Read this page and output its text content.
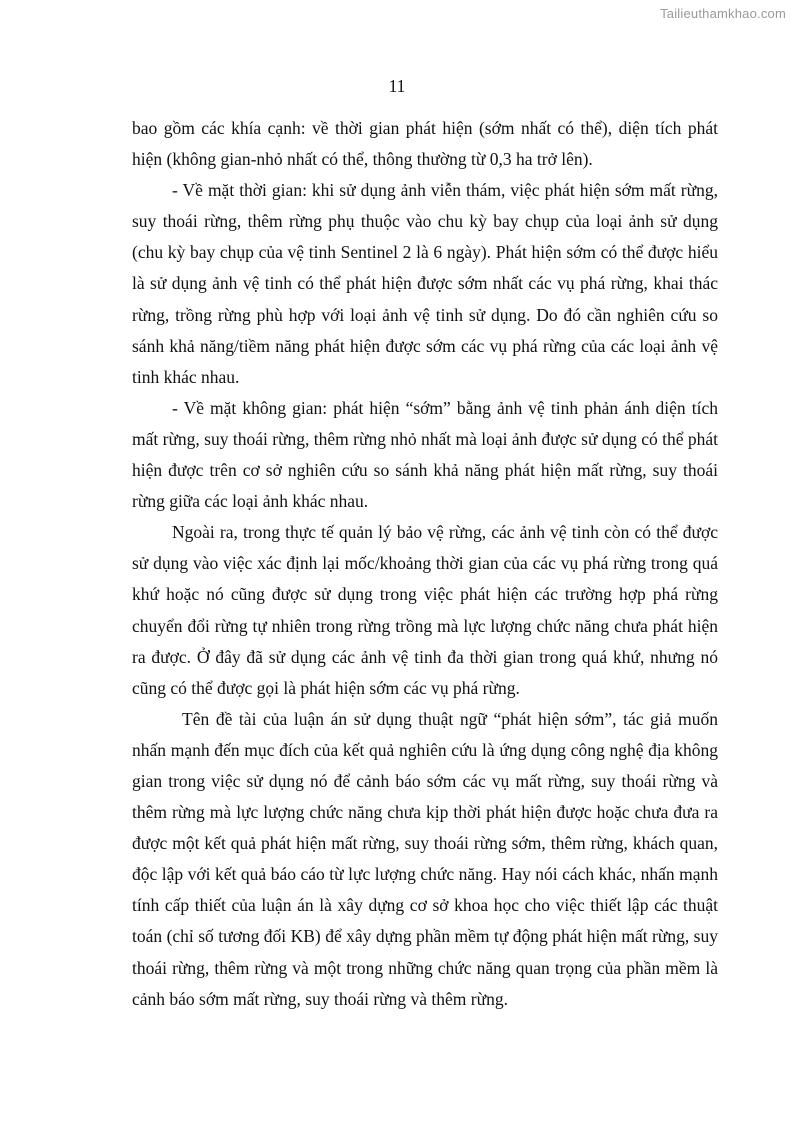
Tailieuthamkhao.com
11

bao gồm các khía cạnh: về thời gian phát hiện (sớm nhất có thể), diện tích phát hiện (không gian-nhỏ nhất có thể, thông thường từ 0,3 ha trở lên).

- Về mặt thời gian: khi sử dụng ảnh viễn thám, việc phát hiện sớm mất rừng, suy thoái rừng, thêm rừng phụ thuộc vào chu kỳ bay chụp của loại ảnh sử dụng (chu kỳ bay chụp của vệ tinh Sentinel 2 là 6 ngày). Phát hiện sớm có thể được hiểu là sử dụng ảnh vệ tinh có thể phát hiện được sớm nhất các vụ phá rừng, khai thác rừng, trồng rừng phù hợp với loại ảnh vệ tinh sử dụng. Do đó cần nghiên cứu so sánh khả năng/tiềm năng phát hiện được sớm các vụ phá rừng của các loại ảnh vệ tinh khác nhau.

- Về mặt không gian: phát hiện “sớm” bằng ảnh vệ tinh phản ánh diện tích mất rừng, suy thoái rừng, thêm rừng nhỏ nhất mà loại ảnh được sử dụng có thể phát hiện được trên cơ sở nghiên cứu so sánh khả năng phát hiện mất rừng, suy thoái rừng giữa các loại ảnh khác nhau.

Ngoài ra, trong thực tế quản lý bảo vệ rừng, các ảnh vệ tinh còn có thể được sử dụng vào việc xác định lại mốc/khoảng thời gian của các vụ phá rừng trong quá khứ hoặc nó cũng được sử dụng trong việc phát hiện các trường hợp phá rừng chuyển đổi rừng tự nhiên trong rừng trồng mà lực lượng chức năng chưa phát hiện ra được. Ở đây đã sử dụng các ảnh vệ tinh đa thời gian trong quá khứ, nhưng nó cũng có thể được gọi là phát hiện sớm các vụ phá rừng.

Tên đề tài của luận án sử dụng thuật ngữ “phát hiện sớm”, tác giả muốn nhấn mạnh đến mục đích của kết quả nghiên cứu là ứng dụng công nghệ địa không gian trong việc sử dụng nó để cảnh báo sớm các vụ mất rừng, suy thoái rừng và thêm rừng mà lực lượng chức năng chưa kịp thời phát hiện được hoặc chưa đưa ra được một kết quả phát hiện mất rừng, suy thoái rừng sớm, thêm rừng, khách quan, độc lập với kết quả báo cáo từ lực lượng chức năng. Hay nói cách khác, nhấn mạnh tính cấp thiết của luận án là xây dựng cơ sở khoa học cho việc thiết lập các thuật toán (chỉ số tương đối KB) để xây dựng phần mềm tự động phát hiện mất rừng, suy thoái rừng, thêm rừng và một trong những chức năng quan trọng của phần mềm là cảnh báo sớm mất rừng, suy thoái rừng và thêm rừng.
